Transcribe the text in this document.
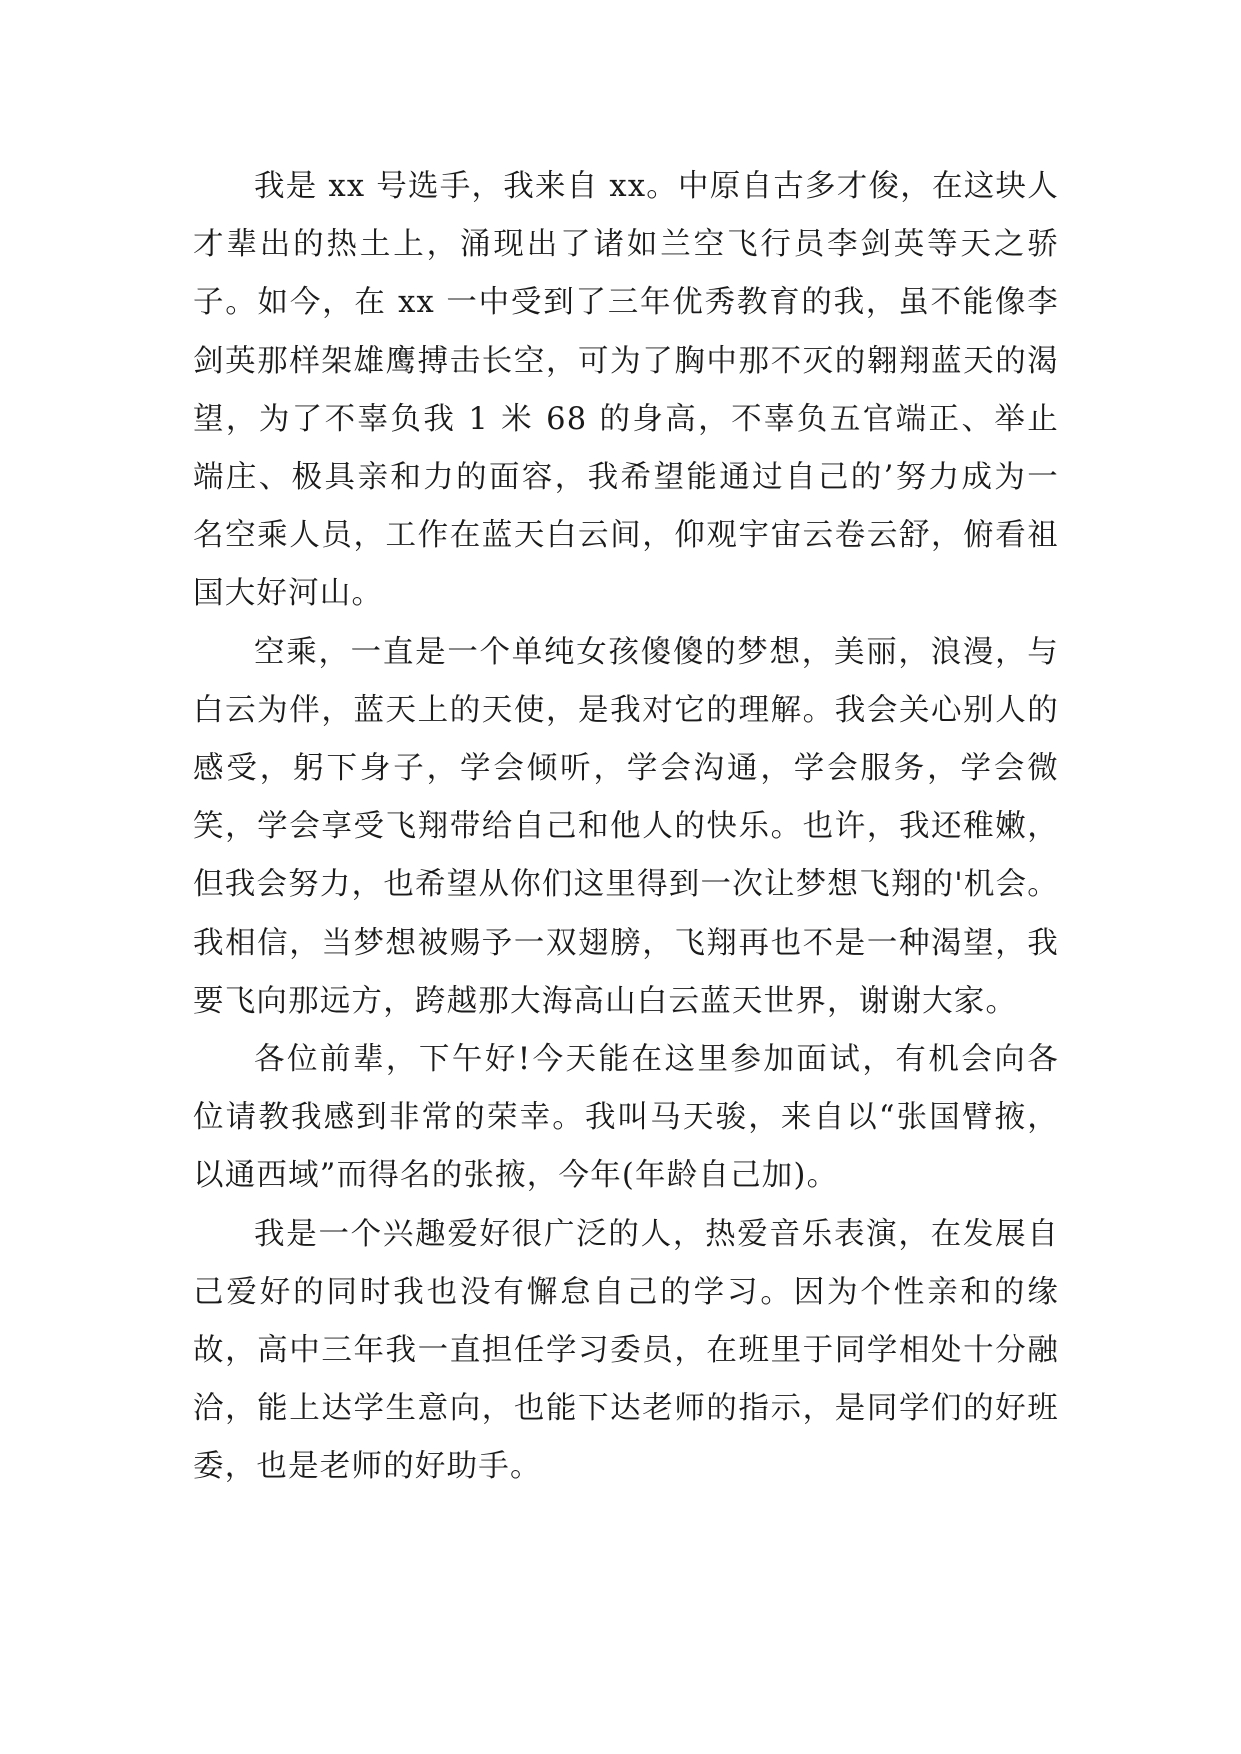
我是 xx 号选手，我来自 xx。中原自古多才俊，在这块人才辈出的热土上，涌现出了诸如兰空飞行员李剑英等天之骄子。如今，在 xx 一中受到了三年优秀教育的我，虽不能像李剑英那样架雄鹰搏击长空，可为了胸中那不灭的翱翔蓝天的渴望，为了不辜负我 1 米 68 的身高，不辜负五官端正、举止端庄、极具亲和力的面容，我希望能通过自己的’努力成为一名空乘人员，工作在蓝天白云间，仰观宇宙云卷云舒，俯看祖国大好河山。

空乘，一直是一个单纯女孩傻傻的梦想，美丽，浪漫，与白云为伴，蓝天上的天使，是我对它的理解。我会关心别人的感受，躬下身子，学会倾听，学会沟通，学会服务，学会微笑，学会享受飞翔带给自己和他人的快乐。也许，我还稚嫩，但我会努力，也希望从你们这里得到一次让梦想飞翔的'机会。我相信，当梦想被赐予一双翅膀，飞翔再也不是一种渴望，我要飞向那远方，跨越那大海高山白云蓝天世界，谢谢大家。

各位前辈，下午好!今天能在这里参加面试，有机会向各位请教我感到非常的荣幸。我叫马天骏，来自以“张国臂掖，以通西域”而得名的张掖，今年(年龄自己加)。

我是一个兴趣爱好很广泛的人，热爱音乐表演，在发展自己爱好的同时我也没有懈怠自己的学习。因为个性亲和的缘故，高中三年我一直担任学习委员，在班里于同学相处十分融洽，能上达学生意向，也能下达老师的指示，是同学们的好班委，也是老师的好助手。
